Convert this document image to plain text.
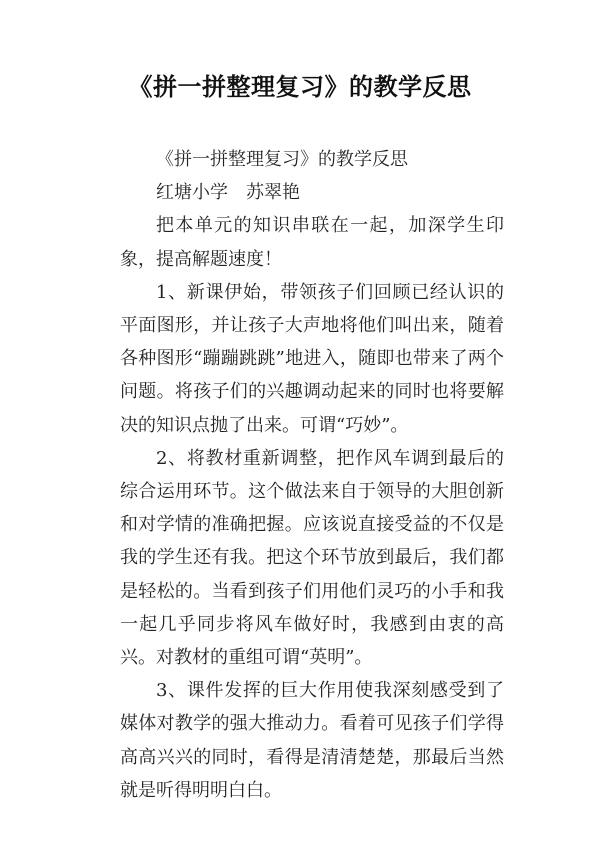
《拼一拼整理复习》的教学反思

《拼一拼整理复习》的教学反思

红塘小学　苏翠艳

把本单元的知识串联在一起，加深学生印象，提高解题速度！

1、新课伊始，带领孩子们回顾已经认识的平面图形，并让孩子大声地将他们叫出来，随着各种图形“蹦蹦跳跳”地进入，随即也带来了两个问题。将孩子们的兴趣调动起来的同时也将要解决的知识点抛了出来。可谓“巧妙”。

2、将教材重新调整，把作风车调到最后的综合运用环节。这个做法来自于领导的大胆创新和对学情的准确把握。应该说直接受益的不仅是我的学生还有我。把这个环节放到最后，我们都是轻松的。当看到孩子们用他们灵巧的小手和我一起几乎同步将风车做好时，我感到由衷的高兴。对教材的重组可谓“英明”。

3、课件发挥的巨大作用使我深刻感受到了媒体对教学的强大推动力。看着可见孩子们学得高高兴兴的同时，看得是清清楚楚，那最后当然就是听得明明白白。
